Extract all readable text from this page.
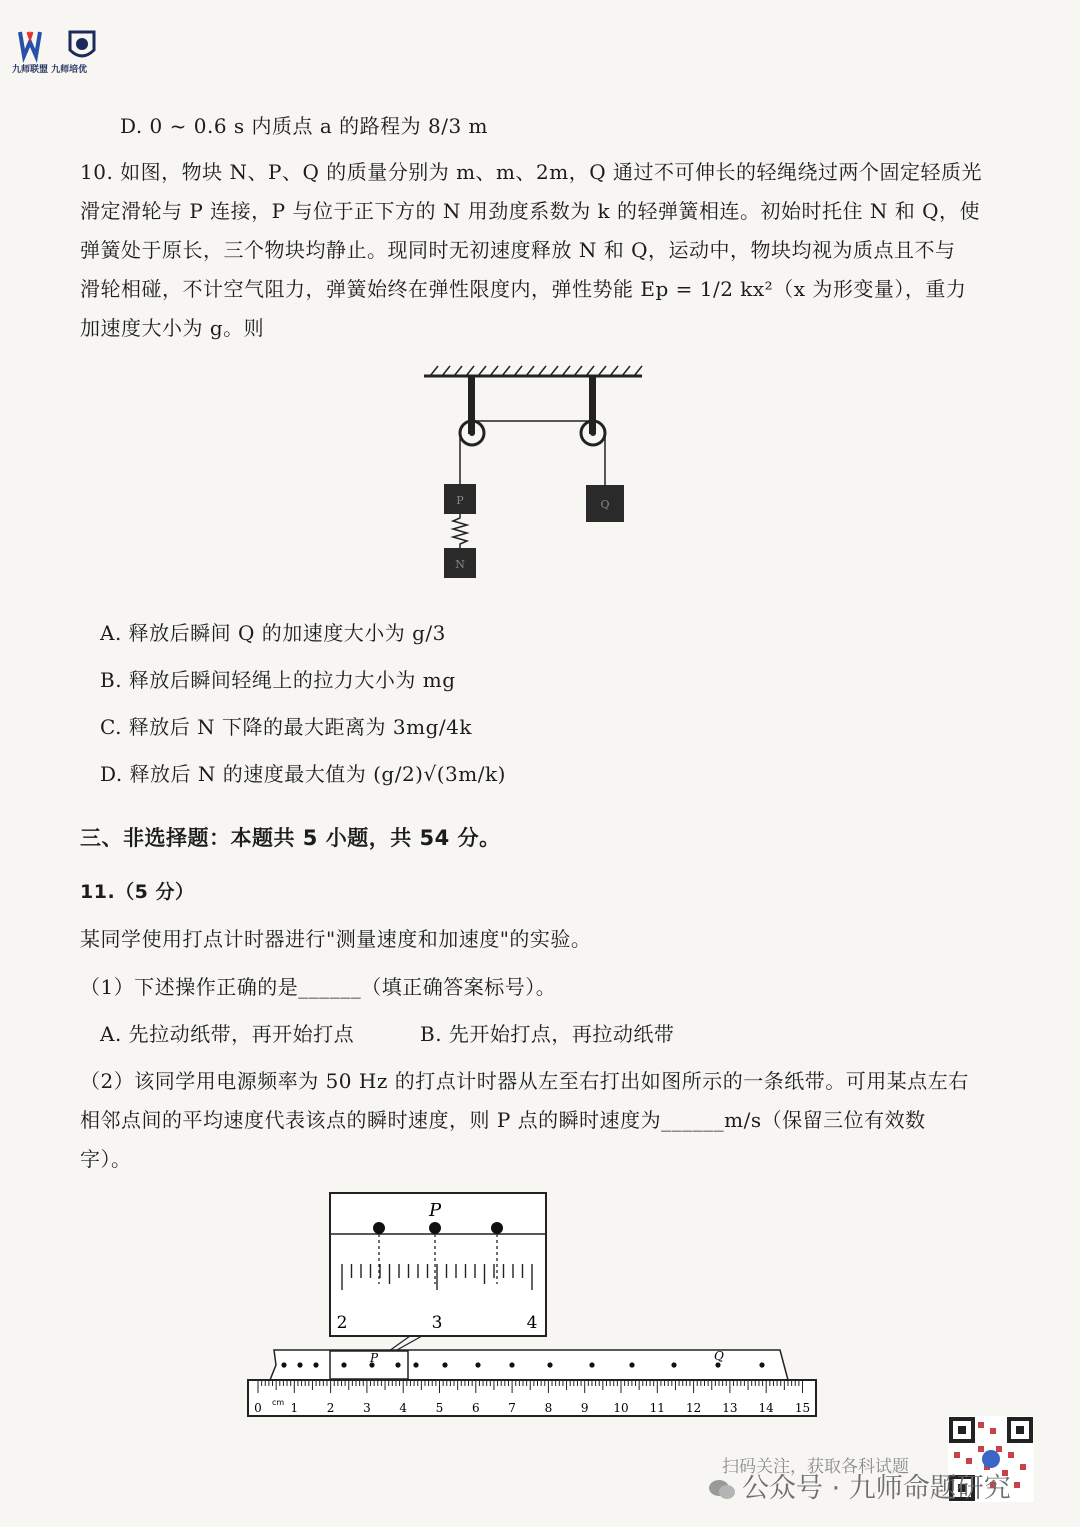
九师联盟 九师培优
D. 0 ~ 0.6 s 内质点 a 的路程为 8/3 m
10. 如图，物块 N、P、Q 的质量分别为 m、m、2m，Q 通过不可伸长的轻绳绕过两个固定轻质光
滑定滑轮与 P 连接，P 与位于正下方的 N 用劲度系数为 k 的轻弹簧相连。初始时托住 N 和 Q，使
弹簧处于原长，三个物块均静止。现同时无初速度释放 N 和 Q，运动中，物块均视为质点且不与
滑轮相碰，不计空气阻力，弹簧始终在弹性限度内，弹性势能 Ep = 1/2 kx²（x 为形变量），重力
加速度大小为 g。则
P	Q
N
A. 释放后瞬间 Q 的加速度大小为 g/3
B. 释放后瞬间轻绳上的拉力大小为 mg
C. 释放后 N 下降的最大距离为 3mg/4k
D. 释放后 N 的速度最大值为 (g/2)√(3m/k)
三、非选择题：本题共 5 小题，共 54 分。
11.（5 分）
某同学使用打点计时器进行"测量速度和加速度"的实验。
（1）下述操作正确的是______（填正确答案标号）。
A. 先拉动纸带，再开始打点	B. 先开始打点，再拉动纸带
（2）该同学用电源频率为 50 Hz 的打点计时器从左至右打出如图所示的一条纸带。可用某点左右
相邻点间的平均速度代表该点的瞬时速度，则 P 点的瞬时速度为______m/s（保留三位有效数
字）。
P
2	3	4
P	Q
0 1 2 3 4 5 6 7 8 9 10 11 12 13 14 15
cm
扫码关注，获取各科试题
公众号 · 九师命题研究
